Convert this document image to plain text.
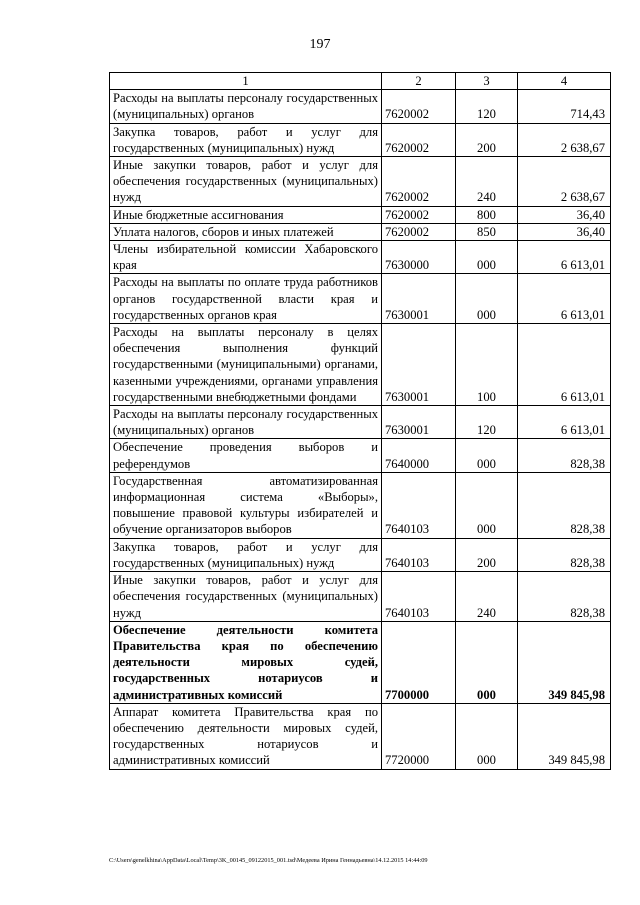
197
1	2	3	4
Расходы на выплаты персоналу государственных (муниципальных) органов	7620002	120	714,43
Закупка товаров, работ и услуг для государственных (муниципальных) нужд	7620002	200	2 638,67
Иные закупки товаров, работ и услуг для обеспечения государственных (муниципальных) нужд	7620002	240	2 638,67
Иные бюджетные ассигнования	7620002	800	36,40
Уплата налогов, сборов и иных платежей	7620002	850	36,40
Члены избирательной комиссии Хабаровского края	7630000	000	6 613,01
Расходы на выплаты по оплате труда работников органов государственной власти края и государственных органов края	7630001	000	6 613,01
Расходы на выплаты персоналу в целях обеспечения выполнения функций государственными (муниципальными) органами, казенными учреждениями, органами управления государственными внебюджетными фондами	7630001	100	6 613,01
Расходы на выплаты персоналу государственных (муниципальных) органов	7630001	120	6 613,01
Обеспечение проведения выборов и референдумов	7640000	000	828,38
Государственная автоматизированная информационная система «Выборы», повышение правовой культуры избирателей и обучение организаторов выборов	7640103	000	828,38
Закупка товаров, работ и услуг для государственных (муниципальных) нужд	7640103	200	828,38
Иные закупки товаров, работ и услуг для обеспечения государственных (муниципальных) нужд	7640103	240	828,38
Обеспечение деятельности комитета Правительства края по обеспечению деятельности мировых судей, государственных нотариусов и административных комиссий	7700000	000	349 845,98
Аппарат комитета Правительства края по обеспечению деятельности мировых судей, государственных нотариусов и административных комиссий	7720000	000	349 845,98
C:\Users\genelkhina\AppData\Local\Temp\3K_00145_09122015_001.tsd\Медеева Ирина Геннадьевна\14.12.2015 14:44:09
